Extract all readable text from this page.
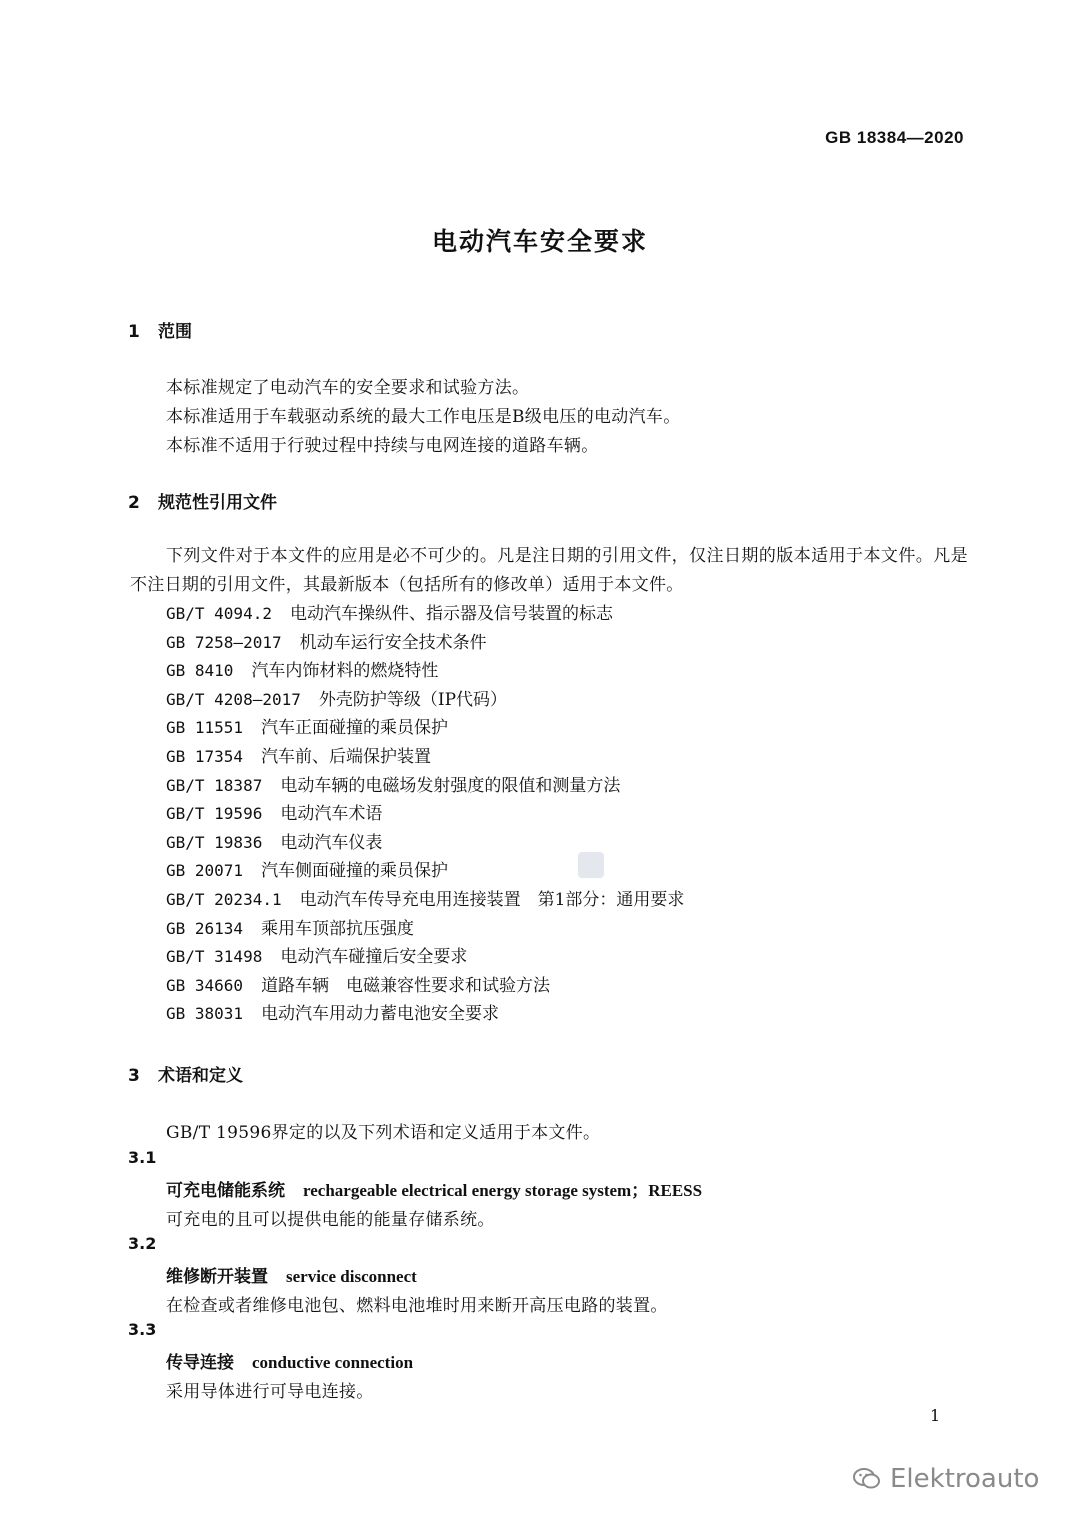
GB 18384—2020
电动汽车安全要求
1 范围
本标准规定了电动汽车的安全要求和试验方法。
本标准适用于车载驱动系统的最大工作电压是B级电压的电动汽车。
本标准不适用于行驶过程中持续与电网连接的道路车辆。
2 规范性引用文件
下列文件对于本文件的应用是必不可少的。凡是注日期的引用文件，仅注日期的版本适用于本文件。凡是不注日期的引用文件，其最新版本（包括所有的修改单）适用于本文件。
GB/T 4094.2 电动汽车操纵件、指示器及信号装置的标志
GB 7258—2017 机动车运行安全技术条件
GB 8410 汽车内饰材料的燃烧特性
GB/T 4208—2017 外壳防护等级（IP代码）
GB 11551 汽车正面碰撞的乘员保护
GB 17354 汽车前、后端保护装置
GB/T 18387 电动车辆的电磁场发射强度的限值和测量方法
GB/T 19596 电动汽车术语
GB/T 19836 电动汽车仪表
GB 20071 汽车侧面碰撞的乘员保护
GB/T 20234.1 电动汽车传导充电用连接装置　第1部分：通用要求
GB 26134 乘用车顶部抗压强度
GB/T 31498 电动汽车碰撞后安全要求
GB 34660 道路车辆　电磁兼容性要求和试验方法
GB 38031 电动汽车用动力蓄电池安全要求
3 术语和定义
GB/T 19596界定的以及下列术语和定义适用于本文件。
3.1
可充电储能系统 rechargeable electrical energy storage system；REESS
可充电的且可以提供电能的能量存储系统。
3.2
维修断开装置 service disconnect
在检查或者维修电池包、燃料电池堆时用来断开高压电路的装置。
3.3
传导连接 conductive connection
采用导体进行可导电连接。
1
Elektroauto
